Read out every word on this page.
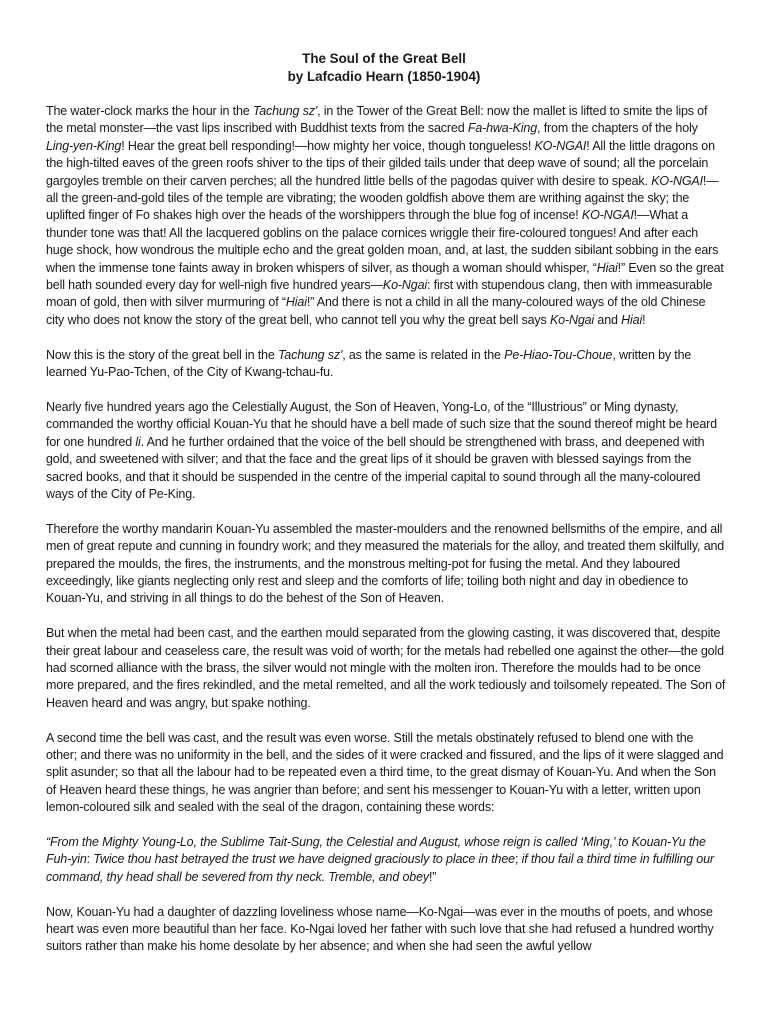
The Soul of the Great Bell
by Lafcadio Hearn (1850-1904)

The water-clock marks the hour in the Tachung sz', in the Tower of the Great Bell: now the mallet is lifted to smite the lips of the metal monster—the vast lips inscribed with Buddhist texts from the sacred Fa-hwa-King, from the chapters of the holy Ling-yen-King! Hear the great bell responding!—how mighty her voice, though tongueless! KO-NGAI! All the little dragons on the high-tilted eaves of the green roofs shiver to the tips of their gilded tails under that deep wave of sound; all the porcelain gargoyles tremble on their carven perches; all the hundred little bells of the pagodas quiver with desire to speak. KO-NGAI!—all the green-and-gold tiles of the temple are vibrating; the wooden goldfish above them are writhing against the sky; the uplifted finger of Fo shakes high over the heads of the worshippers through the blue fog of incense! KO-NGAI!—What a thunder tone was that! All the lacquered goblins on the palace cornices wriggle their fire-coloured tongues! And after each huge shock, how wondrous the multiple echo and the great golden moan, and, at last, the sudden sibilant sobbing in the ears when the immense tone faints away in broken whispers of silver, as though a woman should whisper, “Hiai!” Even so the great bell hath sounded every day for well-nigh five hundred years—Ko-Ngai: first with stupendous clang, then with immeasurable moan of gold, then with silver murmuring of “Hiai!” And there is not a child in all the many-coloured ways of the old Chinese city who does not know the story of the great bell, who cannot tell you why the great bell says Ko-Ngai and Hiai!

Now this is the story of the great bell in the Tachung sz', as the same is related in the Pe-Hiao-Tou-Choue, written by the learned Yu-Pao-Tchen, of the City of Kwang-tchau-fu.

Nearly five hundred years ago the Celestially August, the Son of Heaven, Yong-Lo, of the “Illustrious” or Ming dynasty, commanded the worthy official Kouan-Yu that he should have a bell made of such size that the sound thereof might be heard for one hundred li. And he further ordained that the voice of the bell should be strengthened with brass, and deepened with gold, and sweetened with silver; and that the face and the great lips of it should be graven with blessed sayings from the sacred books, and that it should be suspended in the centre of the imperial capital to sound through all the many-coloured ways of the City of Pe-King.

Therefore the worthy mandarin Kouan-Yu assembled the master-moulders and the renowned bellsmiths of the empire, and all men of great repute and cunning in foundry work; and they measured the materials for the alloy, and treated them skilfully, and prepared the moulds, the fires, the instruments, and the monstrous melting-pot for fusing the metal. And they laboured exceedingly, like giants neglecting only rest and sleep and the comforts of life; toiling both night and day in obedience to Kouan-Yu, and striving in all things to do the behest of the Son of Heaven.

But when the metal had been cast, and the earthen mould separated from the glowing casting, it was discovered that, despite their great labour and ceaseless care, the result was void of worth; for the metals had rebelled one against the other—the gold had scorned alliance with the brass, the silver would not mingle with the molten iron. Therefore the moulds had to be once more prepared, and the fires rekindled, and the metal remelted, and all the work tediously and toilsomely repeated. The Son of Heaven heard and was angry, but spake nothing.

A second time the bell was cast, and the result was even worse. Still the metals obstinately refused to blend one with the other; and there was no uniformity in the bell, and the sides of it were cracked and fissured, and the lips of it were slagged and split asunder; so that all the labour had to be repeated even a third time, to the great dismay of Kouan-Yu. And when the Son of Heaven heard these things, he was angrier than before; and sent his messenger to Kouan-Yu with a letter, written upon lemon-coloured silk and sealed with the seal of the dragon, containing these words:

“From the Mighty Young-Lo, the Sublime Tait-Sung, the Celestial and August, whose reign is called ‘Ming,’ to Kouan-Yu the Fuh-yin: Twice thou hast betrayed the trust we have deigned graciously to place in thee; if thou fail a third time in fulfilling our command, thy head shall be severed from thy neck. Tremble, and obey!”

Now, Kouan-Yu had a daughter of dazzling loveliness whose name—Ko-Ngai—was ever in the mouths of poets, and whose heart was even more beautiful than her face. Ko-Ngai loved her father with such love that she had refused a hundred worthy suitors rather than make his home desolate by her absence; and when she had seen the awful yellow
